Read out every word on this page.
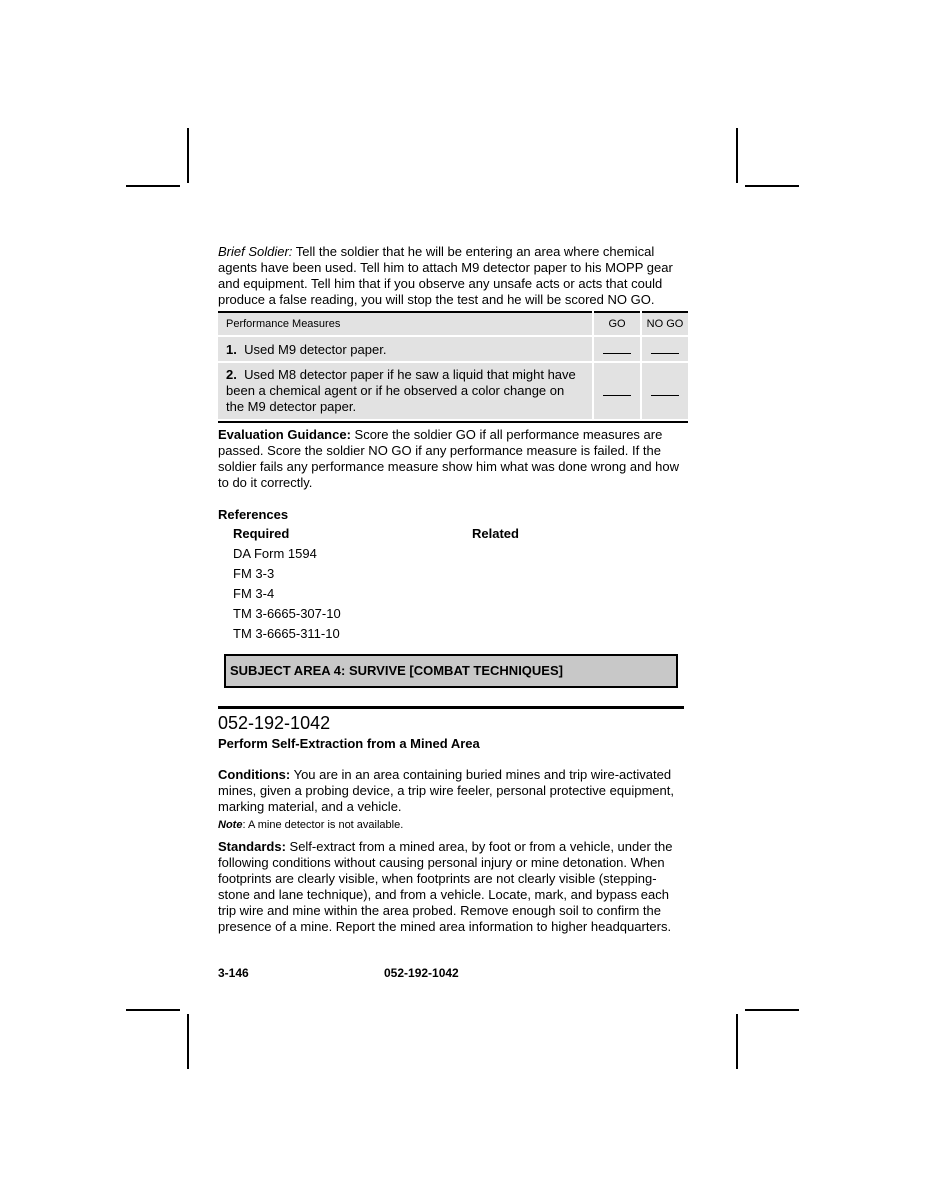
Brief Soldier: Tell the soldier that he will be entering an area where chemical agents have been used. Tell him to attach M9 detector paper to his MOPP gear and equipment. Tell him that if you observe any unsafe acts or acts that could produce a false reading, you will stop the test and he will be scored NO GO.

Performance Measures	GO	NO GO
1. Used M9 detector paper.		
2. Used M8 detector paper if he saw a liquid that might have been a chemical agent or if he observed a color change on the M9 detector paper.		

Evaluation Guidance: Score the soldier GO if all performance measures are passed. Score the soldier NO GO if any performance measure is failed. If the soldier fails any performance measure show him what was done wrong and how to do it correctly.

References
Required
DA Form 1594
FM 3-3
FM 3-4
TM 3-6665-307-10
TM 3-6665-311-10
Related
SUBJECT AREA 4: SURVIVE [COMBAT TECHNIQUES]
052-192-1042
Perform Self-Extraction from a Mined Area

Conditions: You are in an area containing buried mines and trip wire-activated mines, given a probing device, a trip wire feeler, personal protective equipment, marking material, and a vehicle.

Note: A mine detector is not available.

Standards: Self-extract from a mined area, by foot or from a vehicle, under the following conditions without causing personal injury or mine detonation. When footprints are clearly visible, when footprints are not clearly visible (stepping-stone and lane technique), and from a vehicle. Locate, mark, and bypass each trip wire and mine within the area probed. Remove enough soil to confirm the presence of a mine. Report the mined area information to higher headquarters.

3-146	052-192-1042
